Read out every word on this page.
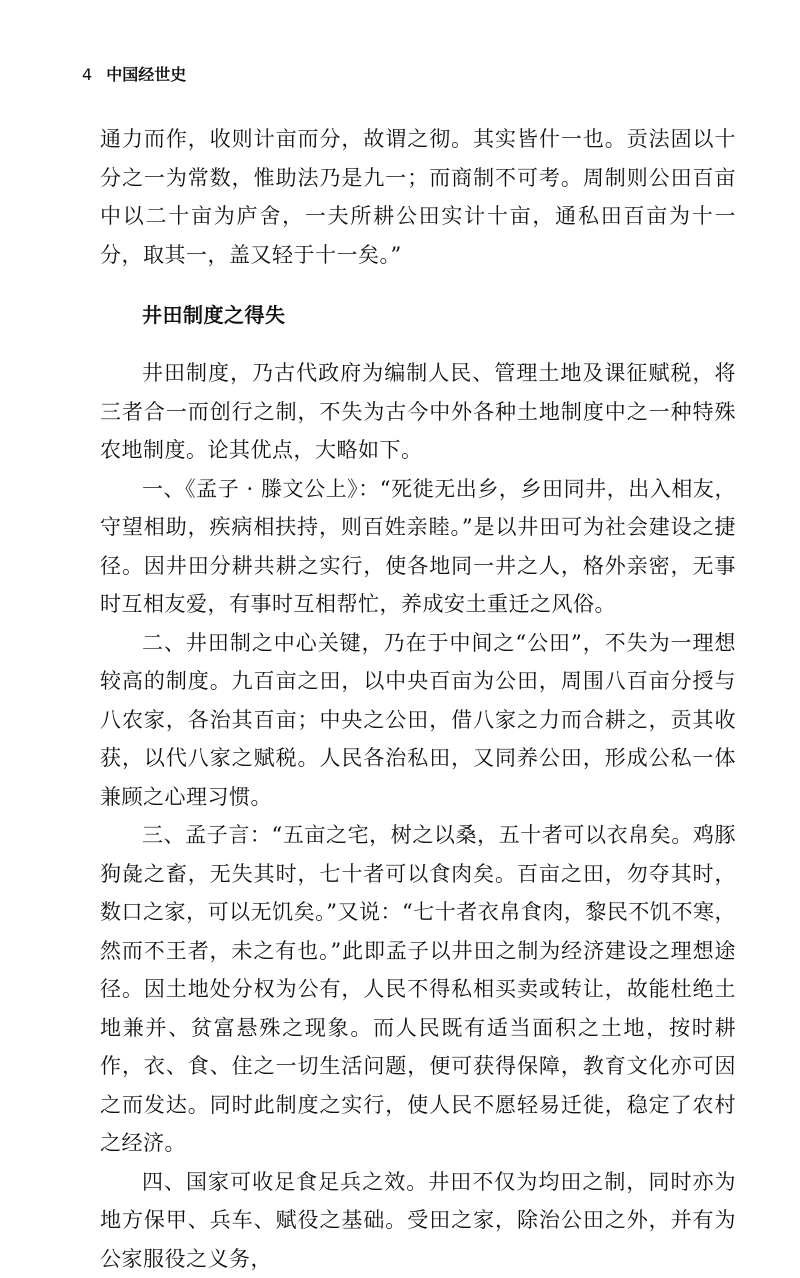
4 中国经世史

通力而作，收则计亩而分，故谓之彻。其实皆什一也。贡法固以十分之一为常数，惟助法乃是九一；而商制不可考。周制则公田百亩中以二十亩为庐舍，一夫所耕公田实计十亩，通私田百亩为十一分，取其一，盖又轻于十一矣。”

井田制度之得失

井田制度，乃古代政府为编制人民、管理土地及课征赋税，将三者合一而创行之制，不失为古今中外各种土地制度中之一种特殊农地制度。论其优点，大略如下。

一、《孟子 · 滕文公上》：“死徙无出乡，乡田同井，出入相友，守望相助，疾病相扶持，则百姓亲睦。”是以井田可为社会建设之捷径。因井田分耕共耕之实行，使各地同一井之人，格外亲密，无事时互相友爱，有事时互相帮忙，养成安土重迁之风俗。

二、井田制之中心关键，乃在于中间之“公田”，不失为一理想较高的制度。九百亩之田，以中央百亩为公田，周围八百亩分授与八农家，各治其百亩；中央之公田，借八家之力而合耕之，贡其收获，以代八家之赋税。人民各治私田，又同养公田，形成公私一体兼顾之心理习惯。

三、孟子言：“五亩之宅，树之以桑，五十者可以衣帛矣。鸡豚狗彘之畜，无失其时，七十者可以食肉矣。百亩之田，勿夺其时，数口之家，可以无饥矣。”又说：“七十者衣帛食肉，黎民不饥不寒，然而不王者，未之有也。”此即孟子以井田之制为经济建设之理想途径。因土地处分权为公有，人民不得私相买卖或转让，故能杜绝土地兼并、贫富悬殊之现象。而人民既有适当面积之土地，按时耕作，衣、食、住之一切生活问题，便可获得保障，教育文化亦可因之而发达。同时此制度之实行，使人民不愿轻易迁徙，稳定了农村之经济。

四、国家可收足食足兵之效。井田不仅为均田之制，同时亦为地方保甲、兵车、赋役之基础。受田之家，除治公田之外，并有为公家服役之义务，
